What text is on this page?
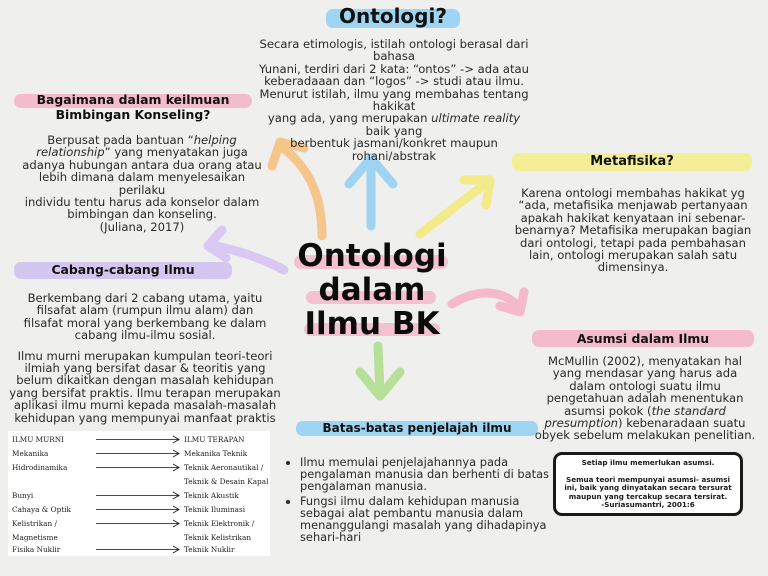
Ontologi?

Secara etimologis, istilah ontologi berasal dari bahasa

Yunani, terdiri dari 2 kata: “ontos” -> ada atau

keberadaaan dan “logos” -> studi atau ilmu.

Menurut istilah, ilmu yang membahas tentang hakikat

yang ada, yang merupakan ultimate reality baik yang

berbentuk jasmani/konkret maupun rohani/abstrak

Bagaimana dalam keilmuan
Bimbingan Konseling?

Berpusat pada bantuan “helping

relationship” yang menyatakan juga

adanya hubungan antara dua orang atau

lebih dimana dalam menyelesaikan perilaku

individu tentu harus ada konselor dalam

bimbingan dan konseling.

(Juliana, 2017)

Metafisika?

Karena ontologi membahas hakikat yg

“ada, metafisika menjawab pertanyaan

apakah hakikat kenyataan ini sebenar-

benarnya? Metafisika merupakan bagian

dari ontologi, tetapi pada pembahasan

lain, ontologi merupakan salah satu

dimensinya.

Ontologi
dalam
Ilmu BK
Cabang-cabang Ilmu

Berkembang dari 2 cabang utama, yaitu

filsafat alam (rumpun ilmu alam) dan

filsafat moral yang berkembang ke dalam

cabang ilmu-ilmu sosial.

Ilmu murni merupakan kumpulan teori-teori

ilmiah yang bersifat dasar & teoritis yang

belum dikaitkan dengan masalah kehidupan

yang bersifat praktis. Ilmu terapan merupakan

aplikasi ilmu murni kepada masalah-masalah

kehidupan yang mempunyai manfaat praktis

Asumsi dalam Ilmu

McMullin (2002), menyatakan hal

yang mendasar yang harus ada

dalam ontologi suatu ilmu

pengetahuan adalah menentukan

asumsi pokok (the standard

presumption) kebenaradaan suatu

obyek sebelum melakukan penelitian.

Batas-batas penjelajah ilmu
• Ilmu memulai penjelajahannya pada pengalaman manusia dan berhenti di batas pengalaman manusia.
• Fungsi ilmu dalam kehidupan manusia sebagai alat pembantu manusia dalam menanggulangi masalah yang dihadapinya sehari-hari
Setiap ilmu memerlukan asumsi.
Semua teori mempunyai asumsi- asumsi
ini, baik yang dinyatakan secara tersurat
maupun yang tercakup secara tersirat.
-Suriasumantri, 2001:6
ILMU MURNI	ILMU TERAPAN
Mekanika	Mekanika Teknik
Hidrodinamika	Teknik Aeronautikal /
Teknik & Desain Kapal
Bunyi	Teknik Akustik
Cahaya & Optik	Teknik Iluminasi
Kelistrikan /	Teknik Elektronik /
Magnetisme	Teknik Kelistrikan
Fisika Nuklir	Teknik Nuklir
